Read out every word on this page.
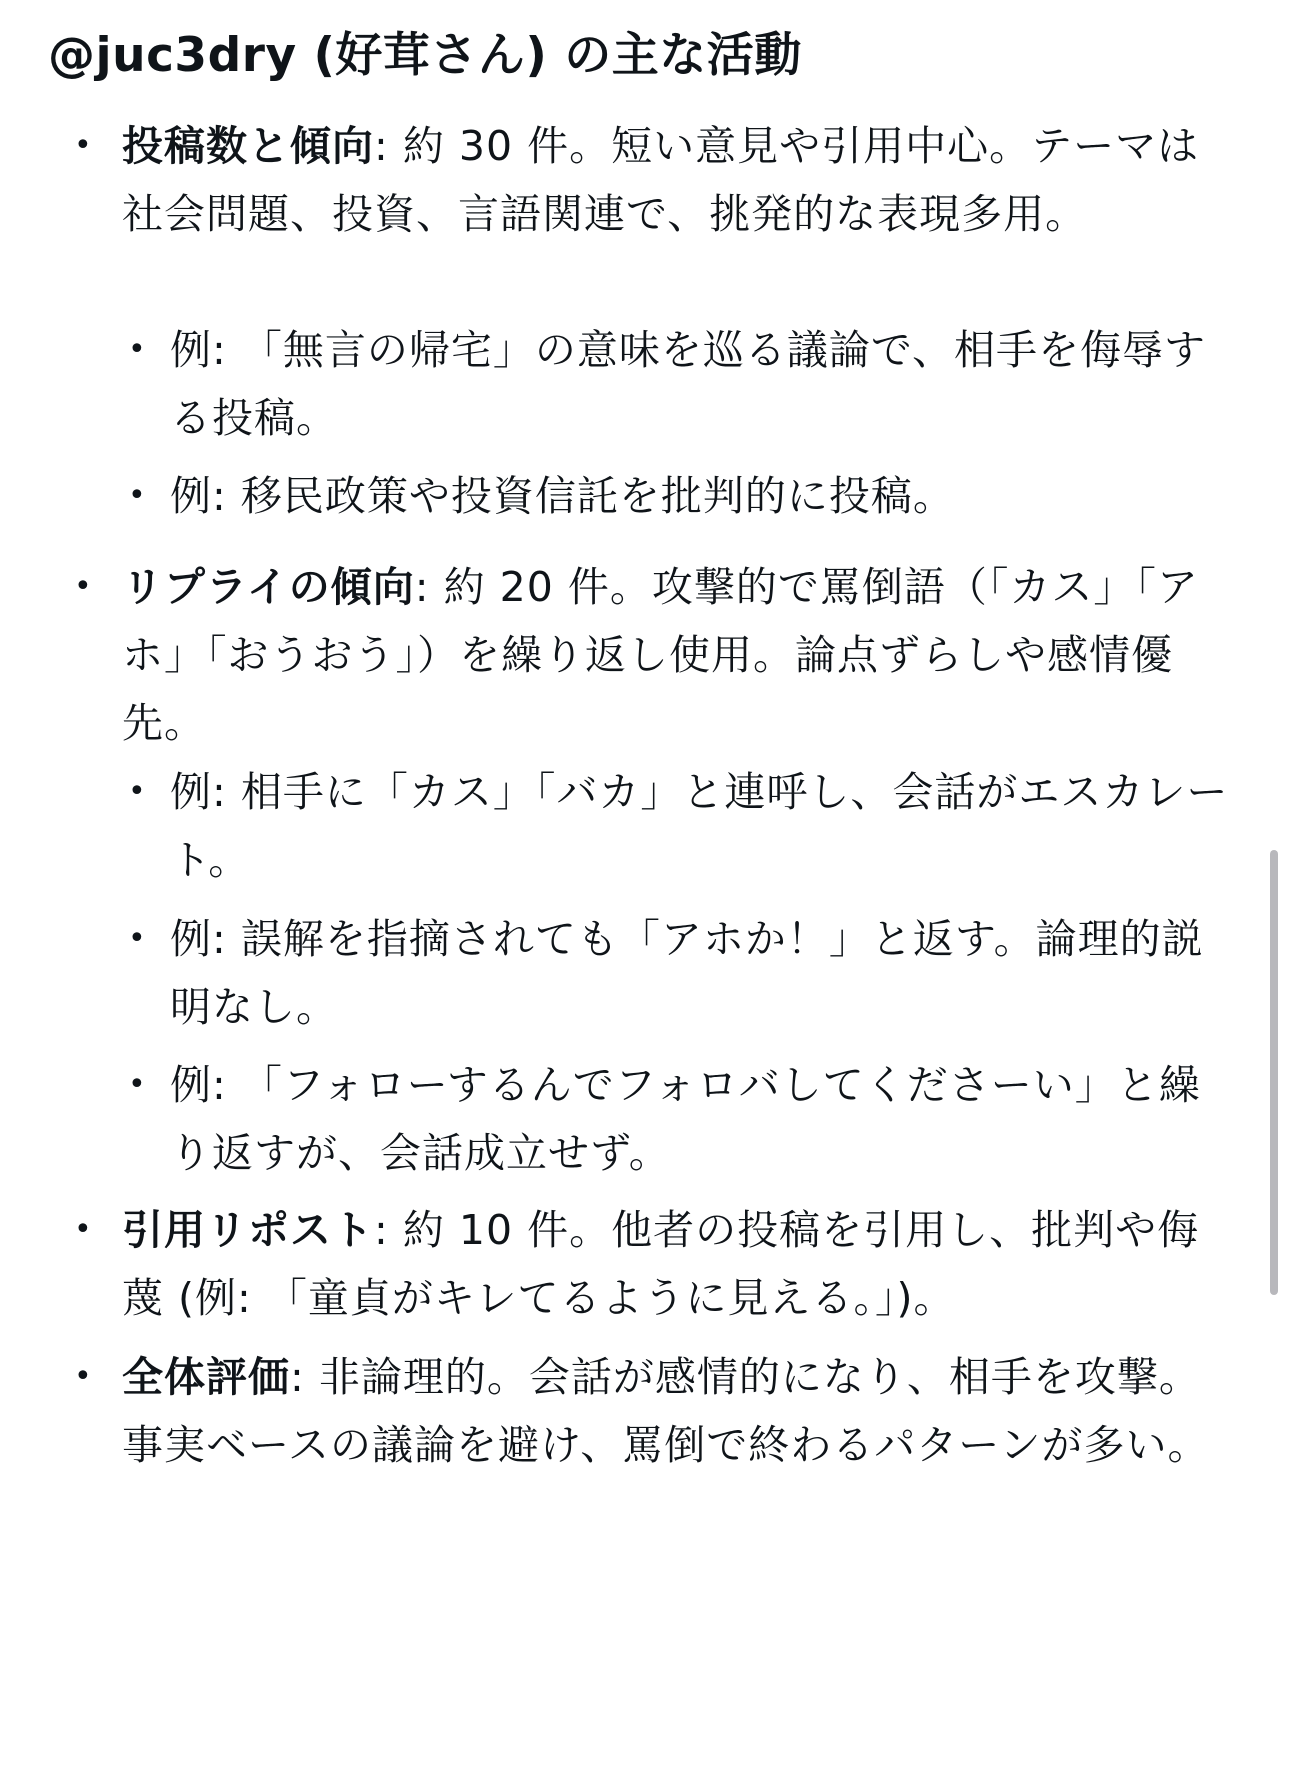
@juc3dry (好茸さん) の主な活動
• 投稿数と傾向: 約 30 件。短い意見や引用中心。テーマは社会問題、投資、言語関連で、挑発的な表現多用。
• 例: 「無言の帰宅」の意味を巡る議論で、相手を侮辱する投稿。
• 例: 移民政策や投資信託を批判的に投稿。
• リプライの傾向: 約 20 件。攻撃的で罵倒語（「カス」「アホ」「おうおう」）を繰り返し使用。論点ずらしや感情優先。
• 例: 相手に「カス」「バカ」と連呼し、会話がエスカレート。
• 例: 誤解を指摘されても「アホか！」と返す。論理的説明なし。
• 例: 「フォローするんでフォロバしてくださーい」と繰り返すが、会話成立せず。
• 引用リポスト: 約 10 件。他者の投稿を引用し、批判や侮蔑 (例: 「童貞がキレてるように見える。」)。
• 全体評価: 非論理的。会話が感情的になり、相手を攻撃。事実ベースの議論を避け、罵倒で終わるパターンが多い。
